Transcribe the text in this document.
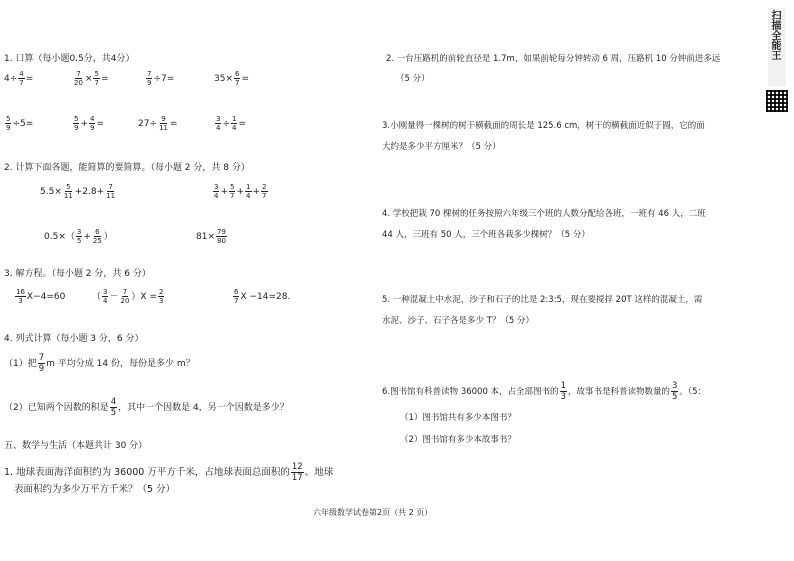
1. 口算（每小题0.5分，共4分）
$4\div \frac{4}{7}$ =	$\frac{7}{20} \times \frac{5}{7}$ =	$\frac{7}{9} \div 7=$	$35\times \frac{6}{7}$ =
$\frac{5}{9} \div 5=$	$\frac{5}{9} + \frac{4}{9}$ =	$27\div \frac{9}{11}$ =	$\frac{3}{4} \div \frac{1}{4}$ =
2. 计算下面各题，能简算的要简算。（每小题 2 分，共 8 分）
$5.5\times \frac{5}{11} +2.8+ \frac{7}{11}$	$\frac{3}{4} + \frac{5}{7} + \frac{1}{4} + \frac{2}{7}$
$0.5\times( \frac{3}{5} + \frac{6}{25}$ ）	$81\times \frac{79}{80}$
3. 解方程。（每小题 2 分，共 6 分）
$\frac{16}{3} X-4=60$	（ $\frac{3}{4} - \frac{7}{20} )X = \frac{2}{3}$	$\frac{6}{7}$ X −14=28.
4. 列式计算（每小题 3 分，6 分）
（1）把 $\frac{7}{9}$ m 平均分成 14 份，每份是多少 m？
（2）已知两个因数的积是 $\frac{4}{5}$ ，其中一个因数是 4，另一个因数是多少？
五、数学与生活（本题共计 30 分）
1. 地球表面海洋面积约为 36000 万平方千米，占地球表面总面积的 $\frac{12}{17}$ 。地球
表面积约为多少万平方千米？（5 分）
2. 一台压路机的前轮直径是 1.7m，如果前轮每分钟转动 6 周，压路机 10 分钟前进多远
（5 分）
3.小刚量得一棵树的树干横截面的周长是 125.6 cm，树干的横截面近似于圆，它的面
大约是多少平方厘米？（5 分）
4. 学校把栽 70 棵树的任务按照六年级三个班的人数分配给各班，一班有 46 人，二班
44 人，三班有 50 人，三个班各栽多少棵树？（5 分）
5. 一种混凝土中水泥，沙子和石子的比是 2:3:5，现在要搅拌 20T 这样的混凝土，需
水泥、沙子、石子各是多少 T？（5 分）
6.图书馆有科普读物 36000 本，占全部图书的 $\frac{1}{3}$ ，故事书是科普读物数量的 $\frac{3}{5}$ 。（5：
（1）图书馆共有多少本图书？
（2）图书馆有多少本故事书？
六年级数学试卷第2页（共 2 页）
扫描全能王
